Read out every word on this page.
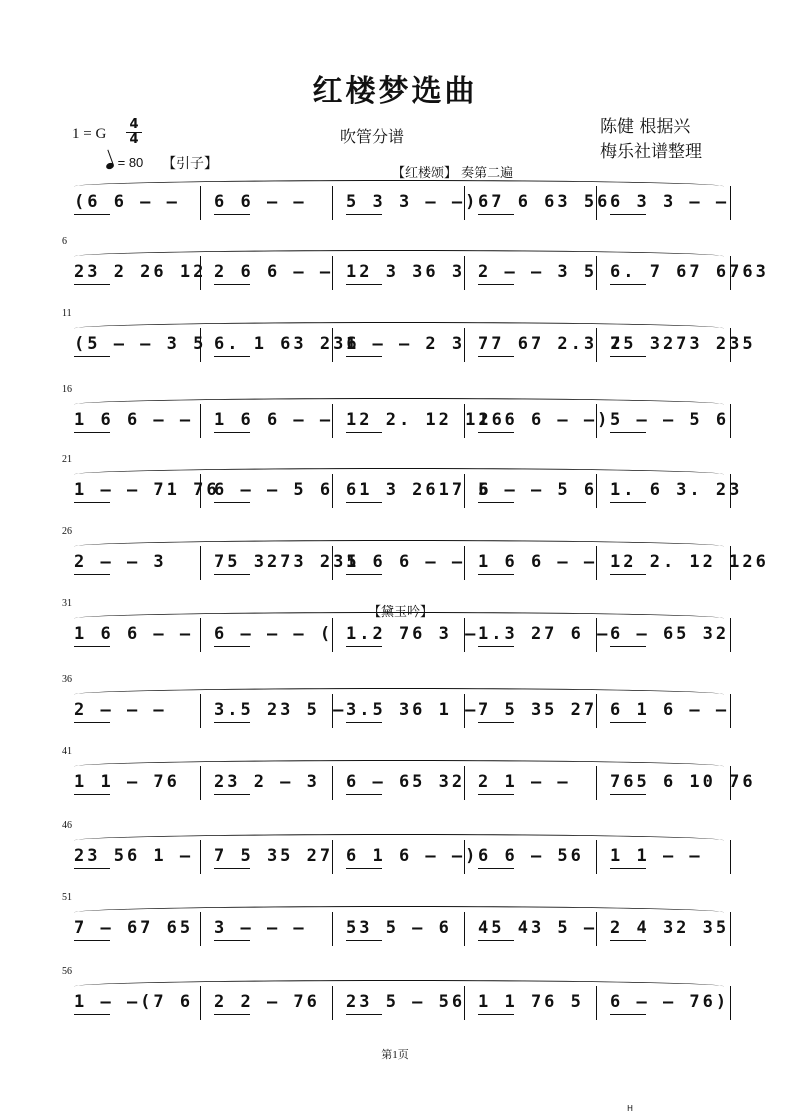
红楼梦选曲
1 = G
4
4	吹管分谱	陈健 根据兴
梅乐社谱整理
= 80 【引子】
【红楼颂】 奏第二遍
【黛玉吟】
(6 6 — — 6 6 — — 5 3 3 — —) 67 6 63 56 6 3 3 — —
6
23 2 26 12 2 6 6 — — 12 3 36 3 2 — — 3 5 6. 7 67 6763
11
(5 — — 3 5 6. 1 63 236
1 — — 2 3 77 67 2.3 2
75 3273 235
16
1 6 6 — — 1 6 6 — — 12 2. 12 126
1 6 6 — —) 5 — — 5 6
21
1 — — 71 76
6 — — 5 6 61 3 2617 6
5 — — 5 6 1. 6 3. 23
26
2 — — 3	75 3273 235
1 6 6 — — 1 6 6 — — 12 2. 12 126
31
1 6 6 — — 6 — — — ( 1.2 76 3 — 1.3 27 6 — 6 — 65 32
36
2 — — —	3.5 23 5 — 3.5 36 1 — 7 5 35 27 6 1 6 — —
41
1 1 — 76 23 2 — 3 6 — 65 32 2 1 — — 765 6 10 76
46
23 56 1 — 7 5 35 27 6 1 6 — —) 6 6 — 56 1 1 — —
51
7 — 67 65 3 — — — 53 5 — 6 45 43 5 — 2 4 32 35
56
1 — —(7 6 2 2 — 76 23 5 — 56 1 1 76 5 6 — — 76)
第1页
H
